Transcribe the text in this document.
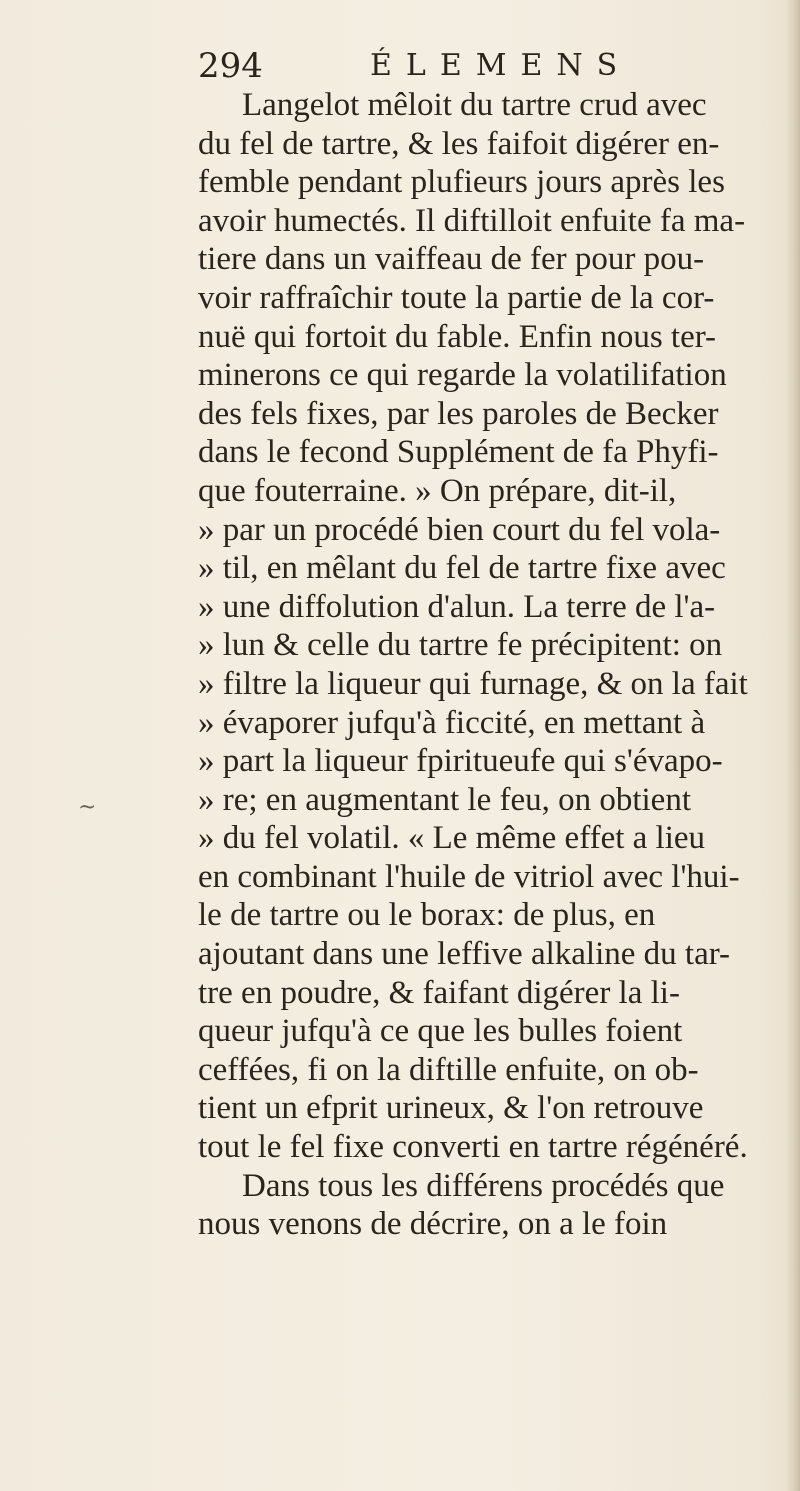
294	ÉLEMENS
~
Langelot mêloit du tartre crud avec
du fel de tartre, & les faifoit digérer en-
femble pendant plufieurs jours après les
avoir humectés. Il diftilloit enfuite fa ma-
tiere dans un vaiffeau de fer pour pou-
voir raffraîchir toute la partie de la cor-
nuë qui fortoit du fable. Enfin nous ter-
minerons ce qui regarde la volatilifation
des fels fixes, par les paroles de Becker
dans le fecond Supplément de fa Phyfi-
que fouterraine. » On prépare, dit-il,
» par un procédé bien court du fel vola-
» til, en mêlant du fel de tartre fixe avec
» une diffolution d'alun. La terre de l'a-
» lun & celle du tartre fe précipitent: on
» filtre la liqueur qui furnage, & on la fait
» évaporer jufqu'à ficcité, en mettant à
» part la liqueur fpiritueufe qui s'évapo-
» re; en augmentant le feu, on obtient
» du fel volatil. « Le même effet a lieu
en combinant l'huile de vitriol avec l'hui-
le de tartre ou le borax: de plus, en
ajoutant dans une leffive alkaline du tar-
tre en poudre, & faifant digérer la li-
queur jufqu'à ce que les bulles foient
ceffées, fi on la diftille enfuite, on ob-
tient un efprit urineux, & l'on retrouve
tout le fel fixe converti en tartre régénéré.
Dans tous les différens procédés que
nous venons de décrire, on a le foin
